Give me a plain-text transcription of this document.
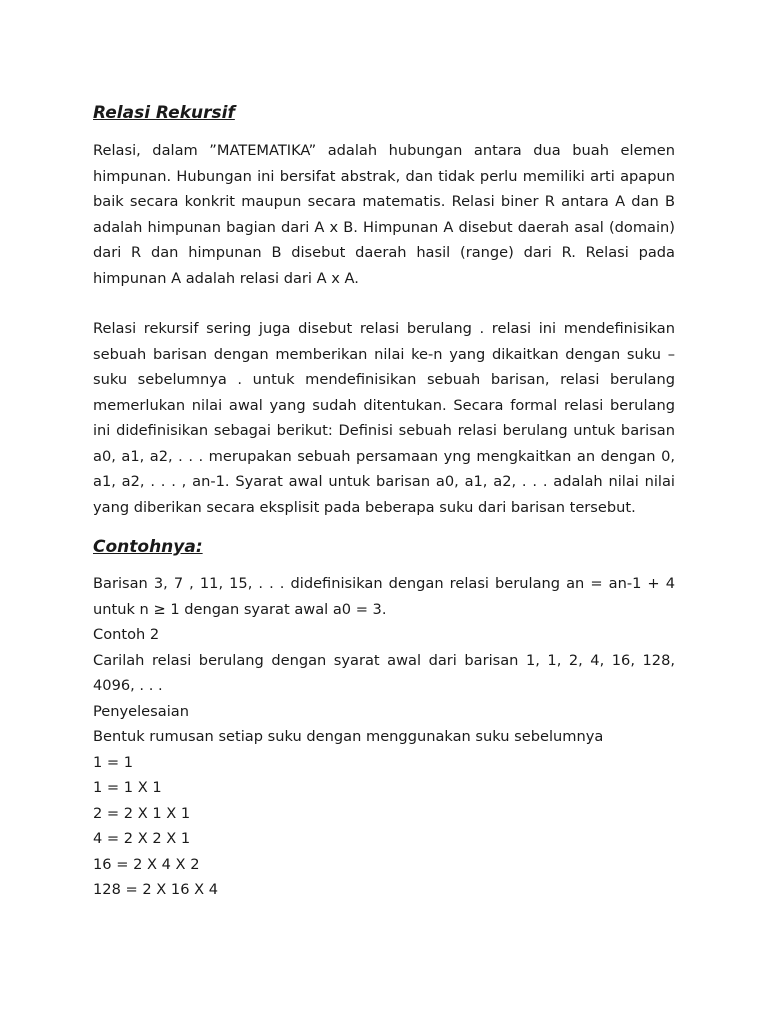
Relasi Rekursif

Relasi, dalam ”MATEMATIKA” adalah hubungan antara dua buah elemen himpunan. Hubungan ini bersifat abstrak, dan tidak perlu memiliki arti apapun baik secara konkrit maupun secara matematis. Relasi biner R antara A dan B adalah himpunan bagian dari A x B. Himpunan A disebut daerah asal (domain) dari R dan himpunan B disebut daerah hasil (range) dari R. Relasi pada himpunan A adalah relasi dari A x A.

Relasi rekursif sering juga disebut relasi berulang . relasi ini mendefinisikan sebuah barisan dengan memberikan nilai ke-n yang dikaitkan dengan suku – suku sebelumnya . untuk mendefinisikan sebuah barisan, relasi berulang memerlukan nilai awal yang sudah ditentukan. Secara formal relasi berulang ini didefinisikan sebagai berikut: Definisi sebuah relasi berulang untuk barisan a0, a1, a2, . . . merupakan sebuah persamaan yng mengkaitkan an dengan 0, a1, a2, . . . , an-1. Syarat awal untuk barisan a0, a1, a2, . . . adalah nilai nilai yang diberikan secara eksplisit pada beberapa suku dari barisan tersebut.

Contohnya:

Barisan 3, 7 , 11, 15, . . . didefinisikan dengan relasi berulang an = an-1 + 4 untuk n ≥ 1 dengan syarat awal a0 = 3.

Contoh 2

Carilah relasi berulang dengan syarat awal dari barisan 1, 1, 2, 4, 16, 128, 4096, . . .

Penyelesaian

Bentuk rumusan setiap suku dengan menggunakan suku sebelumnya

1 = 1

1 = 1 X 1

2 = 2 X 1 X 1

4 = 2 X 2 X 1

16 = 2 X 4 X 2

128 = 2 X 16 X 4
